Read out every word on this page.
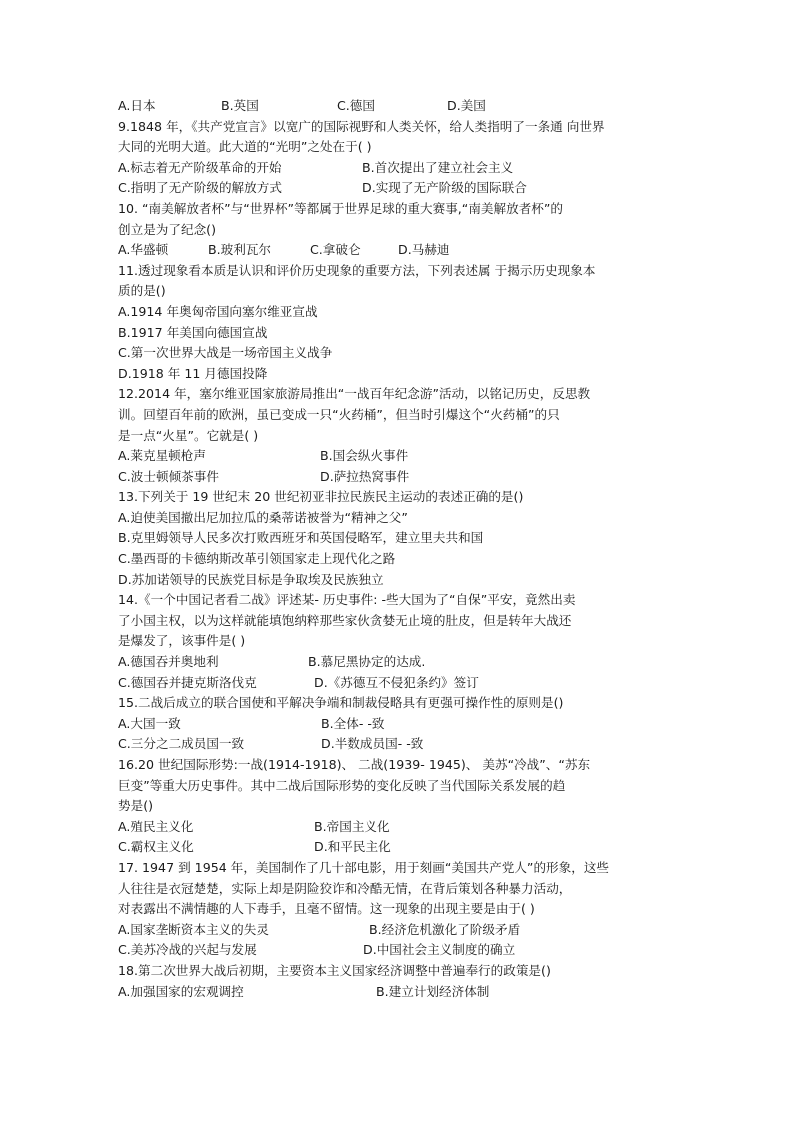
A.日本	B.英国	C.德国	D.美国
9.1848 年，《共产党宣言》以宽广的国际视野和人类关怀，给人类指明了一条通 向世界
大同的光明大道。此大道的“光明”之处在于( )
A.标志着无产阶级革命的开始	B.首次提出了建立社会主义
C.指明了无产阶级的解放方式	D.实现了无产阶级的国际联合
10. “南美解放者杯”与“世界杯”等都属于世界足球的重大赛事,“南美解放者杯”的
创立是为了纪念()
A.华盛顿	B.玻利瓦尔	C.拿破仑	D.马赫迪
11.透过现象看本质是认识和评价历史现象的重要方法，下列表述属 于揭示历史现象本
质的是()
A.1914 年奥匈帝国向塞尔维亚宣战
B.1917 年美国向德国宣战
C.第一次世界大战是一场帝国主义战争
D.1918 年 11 月德国投降
12.2014 年，塞尔维亚国家旅游局推出“一战百年纪念游”活动，以铭记历史，反思教
训。回望百年前的欧洲，虽已变成一只“火药桶”，但当时引爆这个“火药桶”的只
是一点“火星”。它就是( )
A.莱克星顿枪声	B.国会纵火事件
C.波士顿倾茶事件	D.萨拉热窝事件
13.下列关于 19 世纪末 20 世纪初亚非拉民族民主运动的表述正确的是()
A.迫使美国撤出尼加拉瓜的桑蒂诺被誉为“精神之父”
B.克里姆领导人民多次打败西班牙和英国侵略军，建立里夫共和国
C.墨西哥的卡德纳斯改革引领国家走上现代化之路
D.苏加诺领导的民族党目标是争取埃及民族独立
14.《一个中国记者看二战》评述某- 历史事件: -些大国为了“自保”平安，竟然出卖
了小国主权，以为这样就能填饱纳粹那些家伙贪婪无止境的肚皮，但是转年大战还
是爆发了，该事件是( )
A.德国吞并奥地利	B.慕尼黑协定的达成.
C.德国吞并捷克斯洛伐克	D.《苏德互不侵犯条约》签订
15.二战后成立的联合国使和平解决争端和制裁侵略具有更强可操作性的原则是()
A.大国一致	B.全体- -致
C.三分之二成员国一致	D.半数成员国- -致
16.20 世纪国际形势:一战(1914-1918)、 二战(1939- 1945)、 美苏“冷战”、“苏东
巨变”等重大历史事件。其中二战后国际形势的变化反映了当代国际关系发展的趋
势是()
A.殖民主义化	B.帝国主义化
C.霸权主义化	D.和平民主化
17. 1947 到 1954 年，美国制作了几十部电影，用于刻画“美国共产党人”的形象，这些
人往往是衣冠楚楚，实际上却是阴险狡诈和冷酷无情，在背后策划各种暴力活动，
对表露出不满情趣的人下毒手，且毫不留情。这一现象的出现主要是由于( )
A.国家垄断资本主义的失灵	B.经济危机激化了阶级矛盾
C.美苏冷战的兴起与发展	D.中国社会主义制度的确立
18.第二次世界大战后初期，主要资本主义国家经济调整中普遍奉行的政策是()
A.加强国家的宏观调控	B.建立计划经济体制
